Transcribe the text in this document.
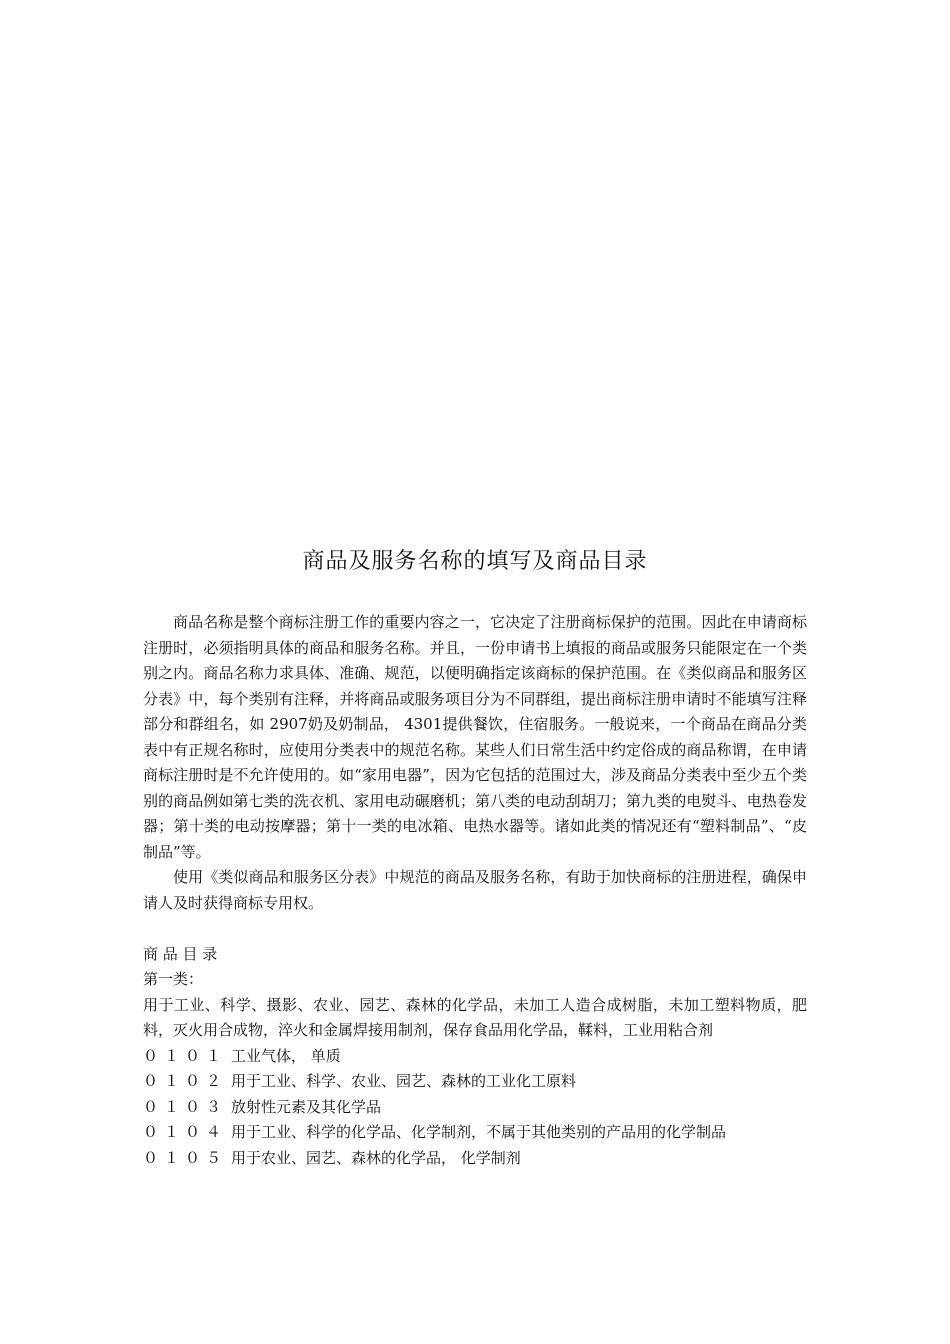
商品及服务名称的填写及商品目录

商品名称是整个商标注册工作的重要内容之一，它决定了注册商标保护的范围。因此在申请商标注册时，必须指明具体的商品和服务名称。并且，一份申请书上填报的商品或服务只能限定在一个类别之内。商品名称力求具体、准确、规范，以便明确指定该商标的保护范围。在《类似商品和服务区分表》中，每个类别有注释，并将商品或服务项目分为不同群组，提出商标注册申请时不能填写注释部分和群组名，如 2907奶及奶制品， 4301提供餐饮，住宿服务。一般说来，一个商品在商品分类表中有正规名称时，应使用分类表中的规范名称。某些人们日常生活中约定俗成的商品称谓，在申请商标注册时是不允许使用的。如“家用电器”，因为它包括的范围过大，涉及商品分类表中至少五个类别的商品例如第七类的洗衣机、家用电动碾磨机；第八类的电动刮胡刀；第九类的电熨斗、电热卷发器；第十类的电动按摩器；第十一类的电冰箱、电热水器等。诸如此类的情况还有“塑料制品”、“皮制品”等。

使用《类似商品和服务区分表》中规范的商品及服务名称，有助于加快商标的注册进程，确保申请人及时获得商标专用权。

商 品 目 录

第一类：

用于工业、科学、摄影、农业、园艺、森林的化学品，未加工人造合成树脂，未加工塑料物质，肥料，灭火用合成物，淬火和金属焊接用制剂，保存食品用化学品，鞣料，工业用粘合剂

０１０１ 工业气体， 单质

０１０２ 用于工业、科学、农业、园艺、森林的工业化工原料

０１０３ 放射性元素及其化学品

０１０４ 用于工业、科学的化学品、化学制剂，不属于其他类别的产品用的化学制品

０１０５ 用于农业、园艺、森林的化学品， 化学制剂
